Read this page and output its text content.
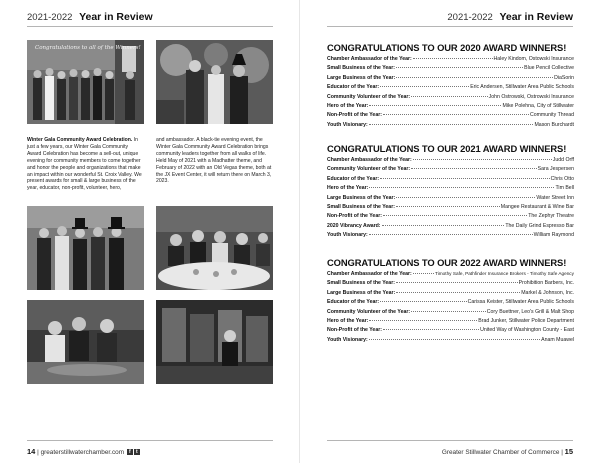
2021-2022 Year in Review
Congratulations to all of the Winners!
Winter Gala Community Award Celebration. In just a few years, our Winter Gala Community Award Celebration has become a sell-out, unique evening for community members to come together and honor the people and organizations that make an impact within our wonderful St. Croix Valley. We present awards for small & large business of the year, educator, non-profit, volunteer, hero,
and ambassador. A black-tie evening event, the Winter Gala Community Award Celebration brings community leaders together from all walks of life. Held May of 2021 with a Madhatter theme, and February of 2022 with an Old Vegas theme, both at the JX Event Center, it will return there on March 3, 2023.
14 | greaterstillwaterchamber.com f t
2021-2022 Year in Review
CONGRATULATIONS TO OUR 2020 AWARD WINNERS!
Chamber Ambassador of the Year:	Haley Kindom, Ostowski Insurance
Small Business of the Year:	Blue Pencil Collective
Large Business of the Year:	DiaSorin
Educator of the Year:	Eric Andersen, Stillwater Area Public Schools
Community Volunteer of the Year:	John Ostrowski, Ostrowski Insurance
Hero of the Year:	Mike Polehna, City of Stillwater
Non-Profit of the Year:	Community Thread
Youth Visionary:	Mason Burchardt
CONGRATULATIONS TO OUR 2021 AWARD WINNERS!
Chamber Ambassador of the Year:	Judd Orff
Community Volunteer of the Year:	Sara Jespersen
Educator of the Year:	Chris Otto
Hero of the Year:	Tim Bell
Large Business of the Year:	Water Street Inn
Small Business of the Year:	Mangee Restaurant & Wine Bar
Non-Profit of the Year:	The Zephyr Theatre
2020 Vibrancy Award:	The Daily Grind Espresso Bar
Youth Visionary:	William Raymond
CONGRATULATIONS TO OUR 2022 AWARD WINNERS!
Chamber Ambassador of the Year:	Timothy Safe, Pathfinder Insurance Brokers - Timothy Safe Agency
Small Business of the Year:	Prohibition Barbers, Inc.
Large Business of the Year:	Markel & Johnson, Inc.
Educator of the Year:	Carissa Keister, Stillwater Area Public Schools
Community Volunteer of the Year:	Cory Buettner, Leo's Grill & Malt Shop
Hero of the Year:	Brad Junker, Stillwater Police Department
Non-Profit of the Year:	United Way of Washington County - East
Youth Visionary:	Anam Muawel
Greater Stillwater Chamber of Commerce | 15
